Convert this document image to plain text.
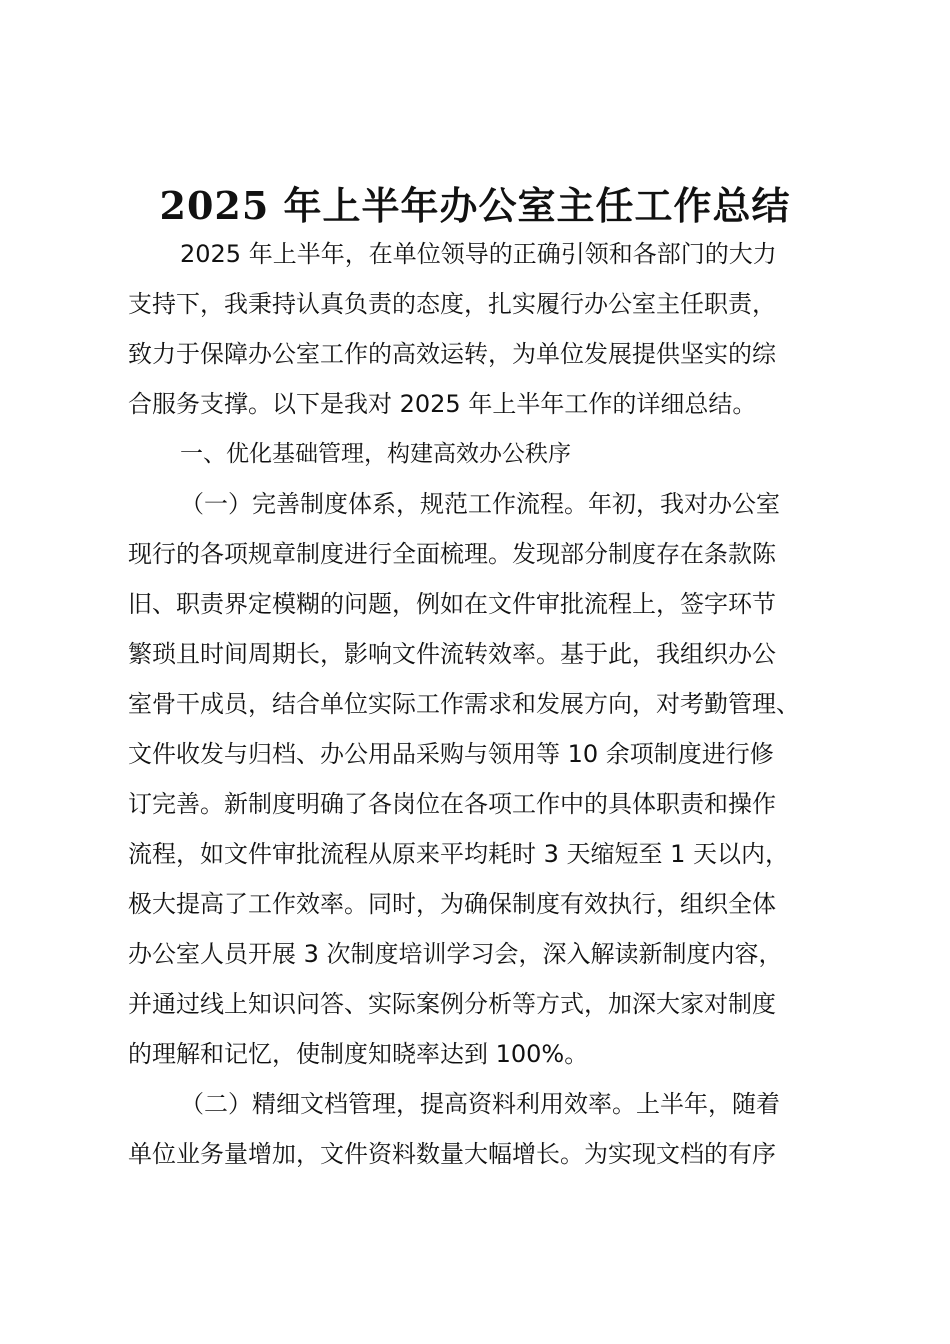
2025 年上半年办公室主任工作总结
2025 年上半年，在单位领导的正确引领和各部门的大力
支持下，我秉持认真负责的态度，扎实履行办公室主任职责，
致力于保障办公室工作的高效运转，为单位发展提供坚实的综
合服务支撑。以下是我对 2025 年上半年工作的详细总结。
一、优化基础管理，构建高效办公秩序
（一）完善制度体系，规范工作流程。年初，我对办公室
现行的各项规章制度进行全面梳理。发现部分制度存在条款陈
旧、职责界定模糊的问题，例如在文件审批流程上，签字环节
繁琐且时间周期长，影响文件流转效率。基于此，我组织办公
室骨干成员，结合单位实际工作需求和发展方向，对考勤管理、
文件收发与归档、办公用品采购与领用等 10 余项制度进行修
订完善。新制度明确了各岗位在各项工作中的具体职责和操作
流程，如文件审批流程从原来平均耗时 3 天缩短至 1 天以内，
极大提高了工作效率。同时，为确保制度有效执行，组织全体
办公室人员开展 3 次制度培训学习会，深入解读新制度内容，
并通过线上知识问答、实际案例分析等方式，加深大家对制度
的理解和记忆，使制度知晓率达到 100%。
（二）精细文档管理，提高资料利用效率。上半年，随着
单位业务量增加，文件资料数量大幅增长。为实现文档的有序
